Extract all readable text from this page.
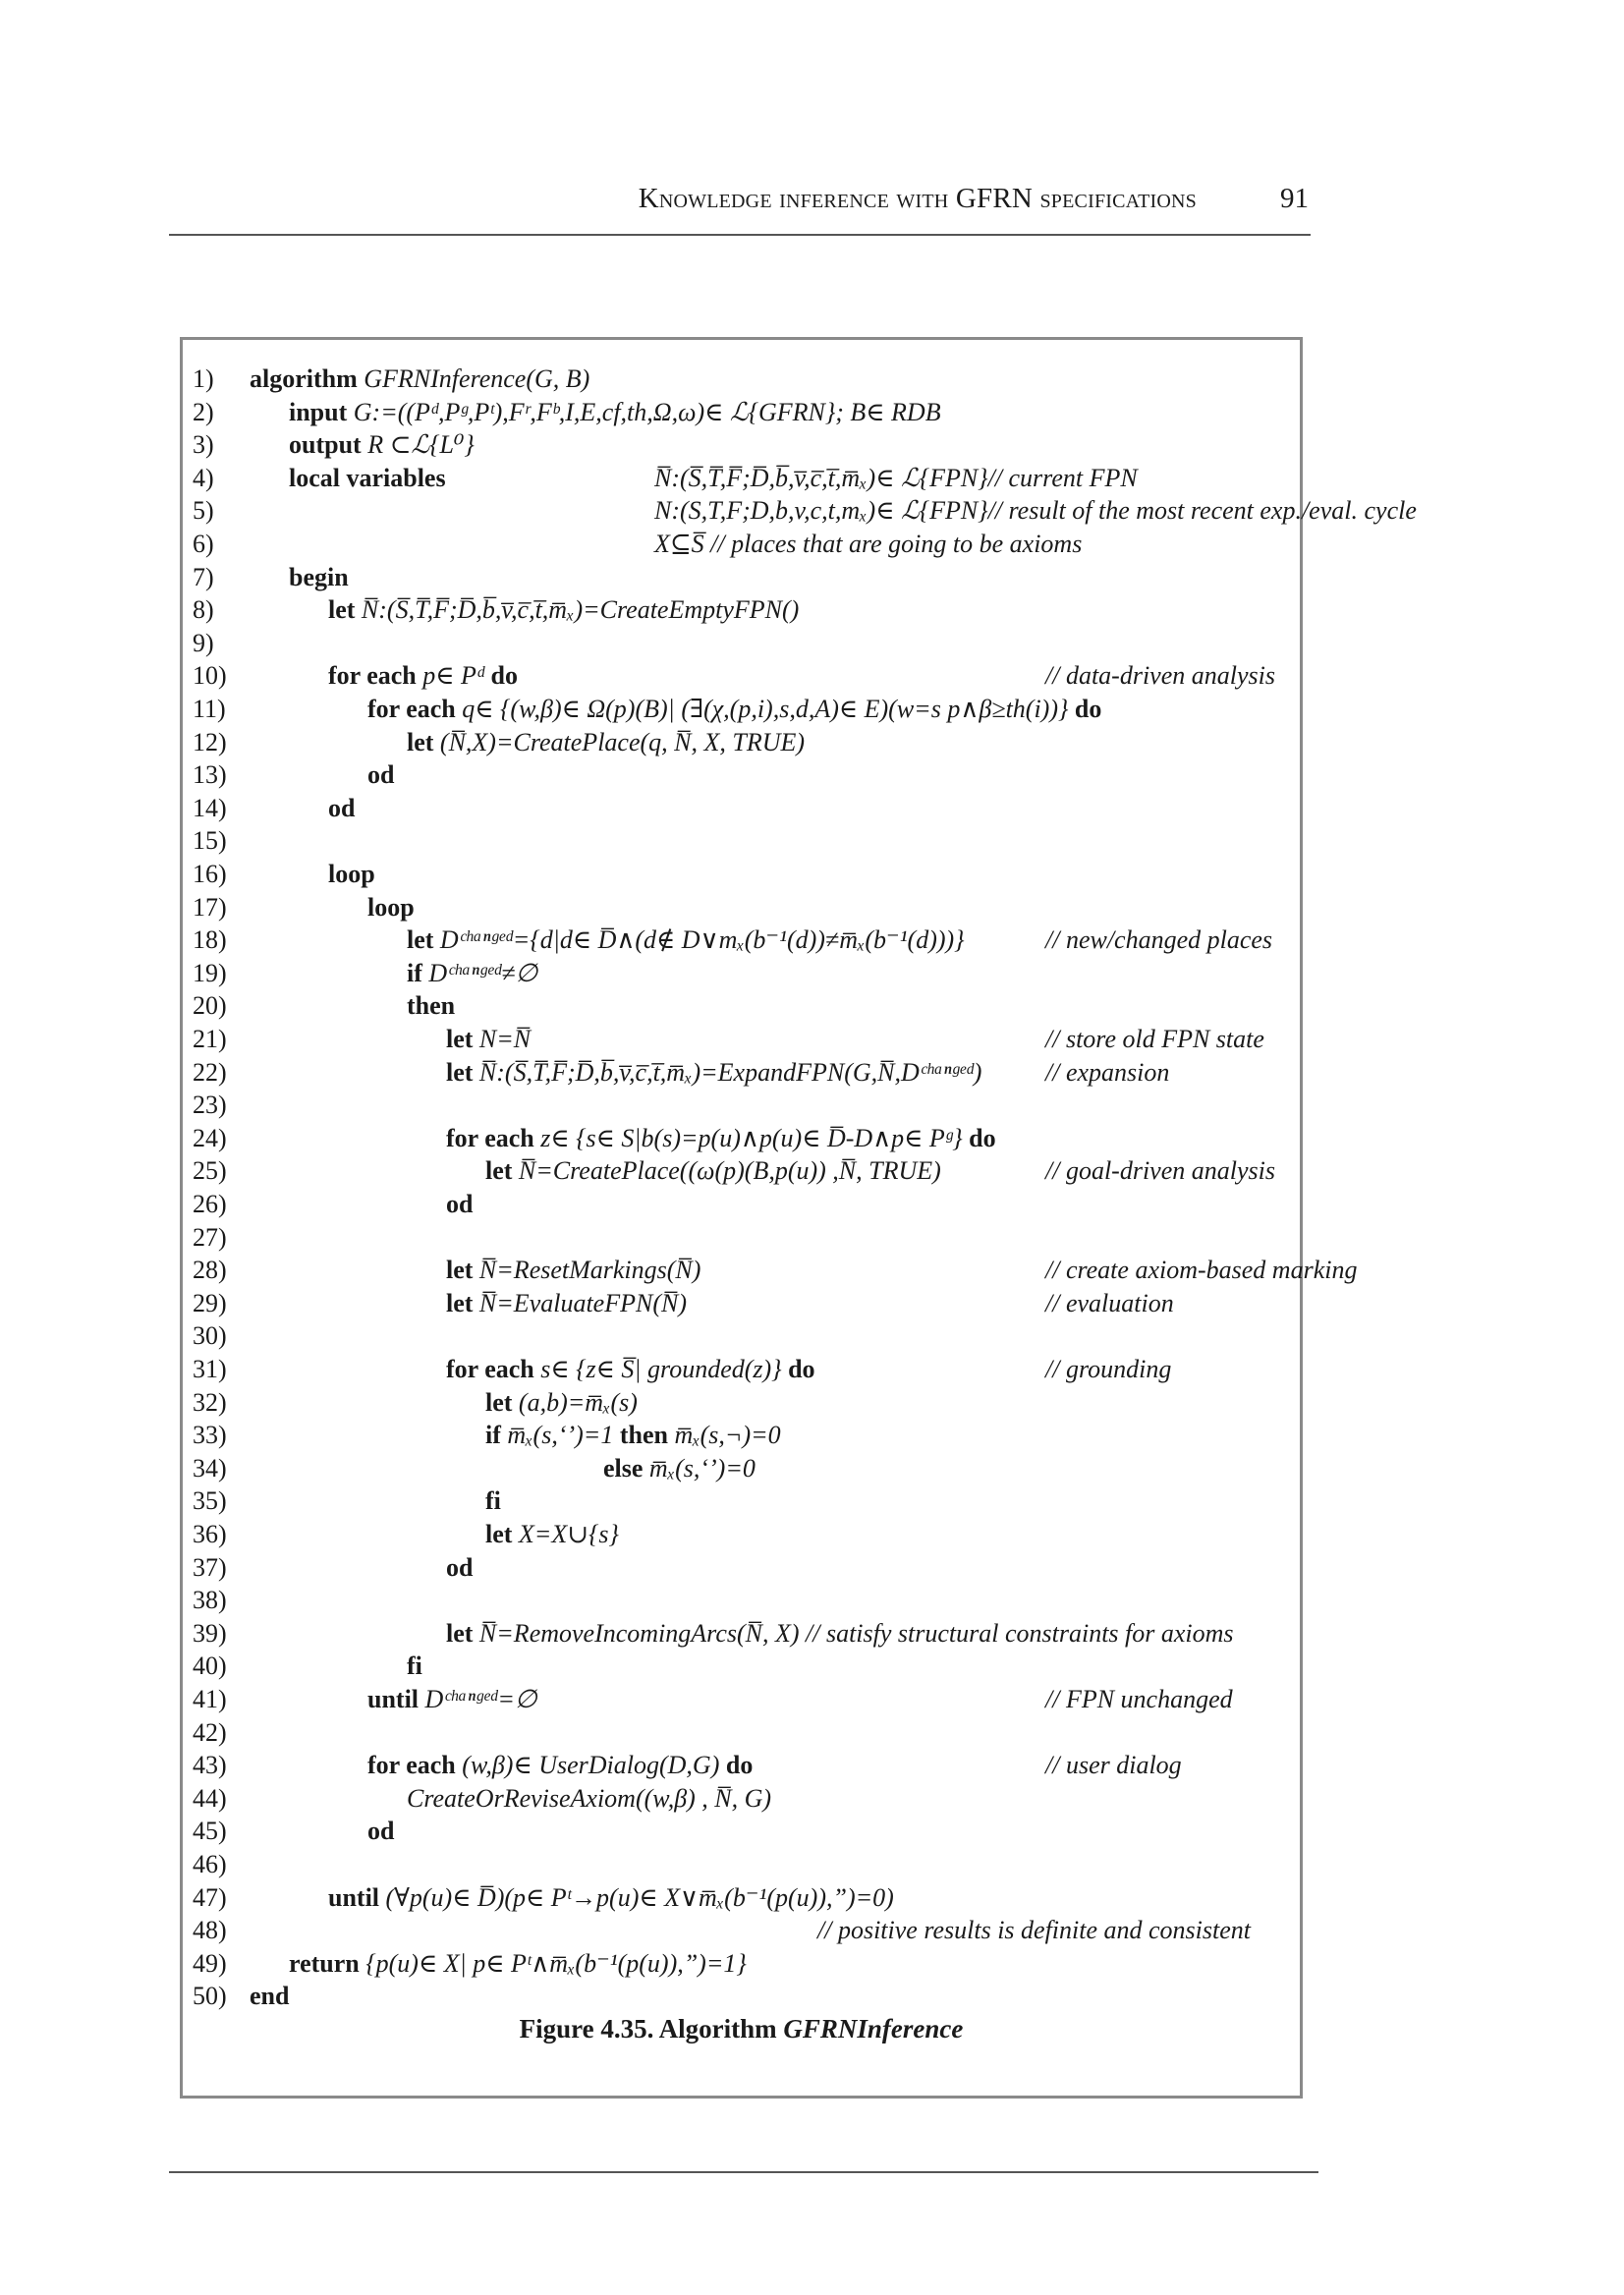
Knowledge inference with GFRN specifications	91
1) algorithm GFRNInference(G, B)
2)	input G:=((Pᵈ,Pᵍ,Pᵗ),Fʳ,Fᵇ,I,E,cf,th,Ω,ω)∈ ℒ{GFRN}; B∈ RDB
3)	output R ⊂ℒ{L⁰}
4)	local variables	N̅:(S̅,T̅,F̅;D̅,b̅,v̅,c̅,t̅,m̅ₓ)∈ ℒ{FPN}// current FPN
5)	N:(S,T,F;D,b,v,c,t,mₓ)∈ ℒ{FPN}// result of the most recent exp./eval. cycle
6)	X⊆S̅ // places that are going to be axioms
7)	begin
8)	let N̅:(S̅,T̅,F̅;D̅,b̅,v̅,c̅,t̅,m̅ₓ)=CreateEmptyFPN()
9)
10)	for each p∈ Pᵈ do	// data-driven analysis
11)	for each q∈ {(w,β)∈ Ω(p)(B)| (∃(χ,(p,i),s,d,A)∈ E)(w=s p∧β≥th(i))} do
12)	let (N̅,X)=CreatePlace(q, N̅, X, TRUE)
13)	od
14)	od
15)
16)	loop
17)	loop
18)	let Dᶜʰᵃⁿᵍᵉᵈ={d|d∈ D̅∧(d∉ D∨mₓ(b⁻¹(d))≠m̅ₓ(b⁻¹(d)))}	// new/changed places
19)	if Dᶜʰᵃⁿᵍᵉᵈ≠∅
20)	then
21)	let N=N̅	// store old FPN state
22)	let N̅:(S̅,T̅,F̅;D̅,b̅,v̅,c̅,t̅,m̅ₓ)=ExpandFPN(G,N̅,Dᶜʰᵃⁿᵍᵉᵈ) // expansion
23)
24)	for each z∈ {s∈ S|b(s)=p(u)∧p(u)∈ D̅-D∧p∈ Pᵍ} do
25)	let N̅=CreatePlace((ω(p)(B,p(u)) ,N̅, TRUE)	// goal-driven analysis
26)	od
27)
28)	let N̅=ResetMarkings(N̅)	// create axiom-based marking
29)	let N̅=EvaluateFPN(N̅)	// evaluation
30)
31)	for each s∈ {z∈ S̅| grounded(z)} do	// grounding
32)	let (a,b)=m̅ₓ(s)
33)	if m̅ₓ(s,‘’)=1 then m̅ₓ(s,¬)=0
34)	else m̅ₓ(s,‘’)=0
35)	fi
36)	let X=X∪{s}
37)	od
38)
39)	let N̅=RemoveIncomingArcs(N̅, X) // satisfy structural constraints for axioms
40)	fi
41)	until Dᶜʰᵃⁿᵍᵉᵈ=∅	// FPN unchanged
42)
43)	for each (w,β)∈ UserDialog(D,G) do	// user dialog
44)	CreateOrReviseAxiom((w,β) , N̅, G)
45)	od
46)
47)	until (∀p(u)∈ D̅)(p∈ Pᵗ→p(u)∈ X∨m̅ₓ(b⁻¹(p(u)),”)=0)
48)	// positive results is definite and consistent
49) return {p(u)∈ X| p∈ Pᵗ∧m̅ₓ(b⁻¹(p(u)),”)=1}
50) end
Figure 4.35. Algorithm GFRNInference
